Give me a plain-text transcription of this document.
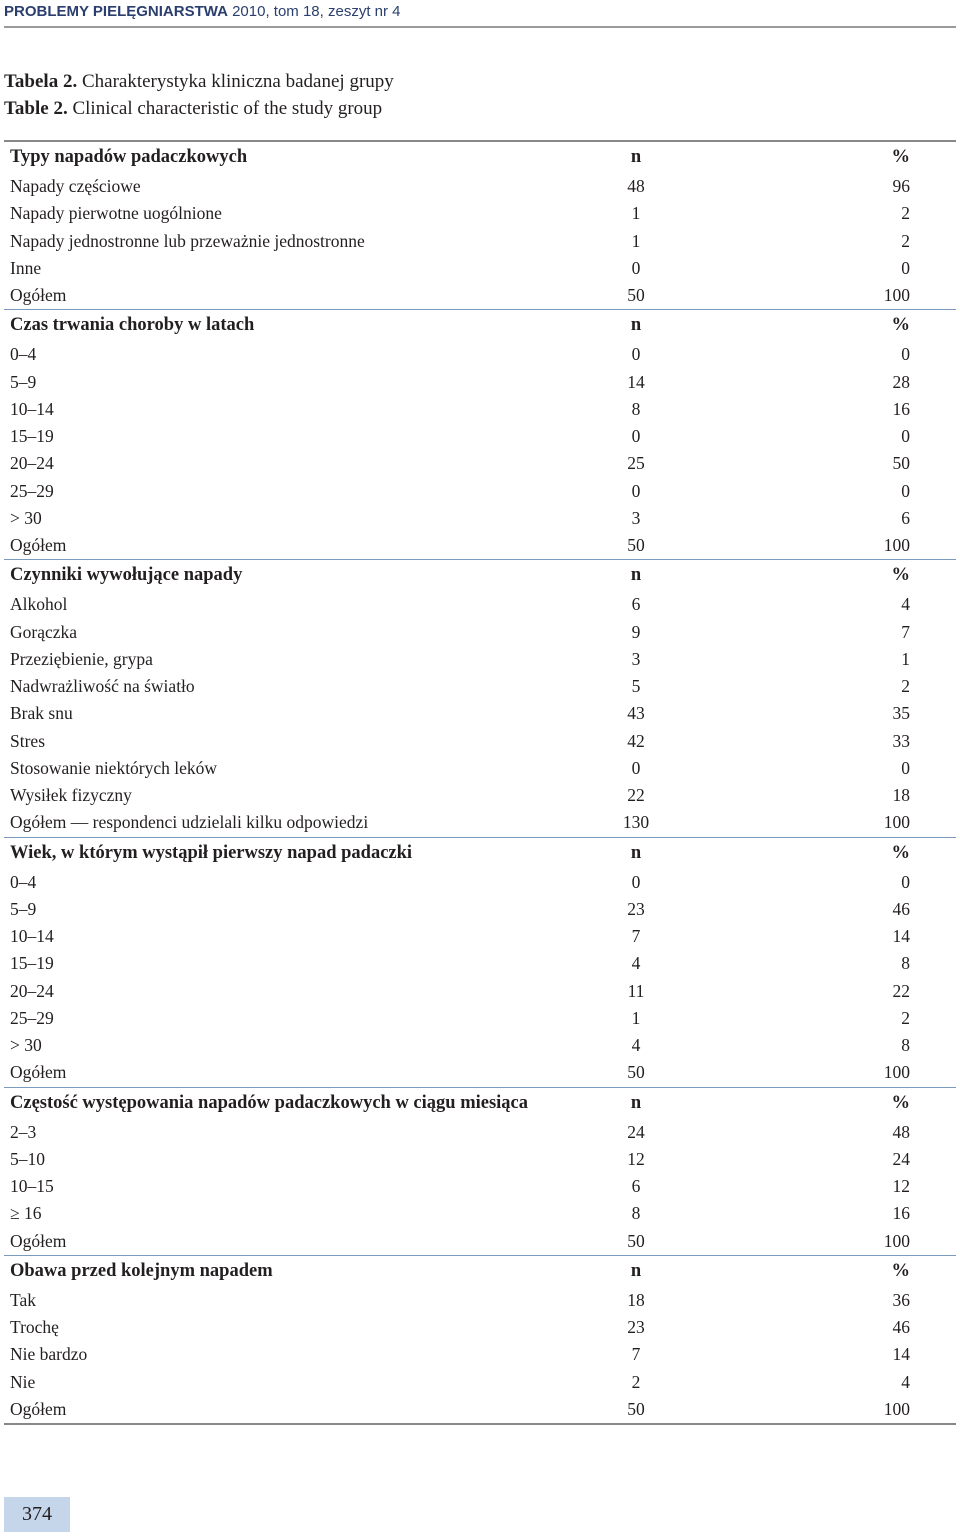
PROBLEMY PIELĘGNIARSTWA 2010, tom 18, zeszyt nr 4
Tabela 2. Charakterystyka kliniczna badanej grupy
Table 2. Clinical characteristic of the study group
Typy napadów padaczkowych	n	%
Napady częściowe	48	96
Napady pierwotne uogólnione	1	2
Napady jednostronne lub przeważnie jednostronne	1	2
Inne	0	0
Ogółem	50	100
Czas trwania choroby w latach	n	%
0–4	0	0
5–9	14	28
10–14	8	16
15–19	0	0
20–24	25	50
25–29	0	0
> 30	3	6
Ogółem	50	100
Czynniki wywołujące napady	n	%
Alkohol	6	4
Gorączka	9	7
Przeziębienie, grypa	3	1
Nadwrażliwość na światło	5	2
Brak snu	43	35
Stres	42	33
Stosowanie niektórych leków	0	0
Wysiłek fizyczny	22	18
Ogółem — respondenci udzielali kilku odpowiedzi	130	100
Wiek, w którym wystąpił pierwszy napad padaczki	n	%
0–4	0	0
5–9	23	46
10–14	7	14
15–19	4	8
20–24	11	22
25–29	1	2
> 30	4	8
Ogółem	50	100
Częstość występowania napadów padaczkowych w ciągu miesiąca	n	%
2–3	24	48
5–10	12	24
10–15	6	12
≥ 16	8	16
Ogółem	50	100
Obawa przed kolejnym napadem	n	%
Tak	18	36
Trochę	23	46
Nie bardzo	7	14
Nie	2	4
Ogółem	50	100
374
